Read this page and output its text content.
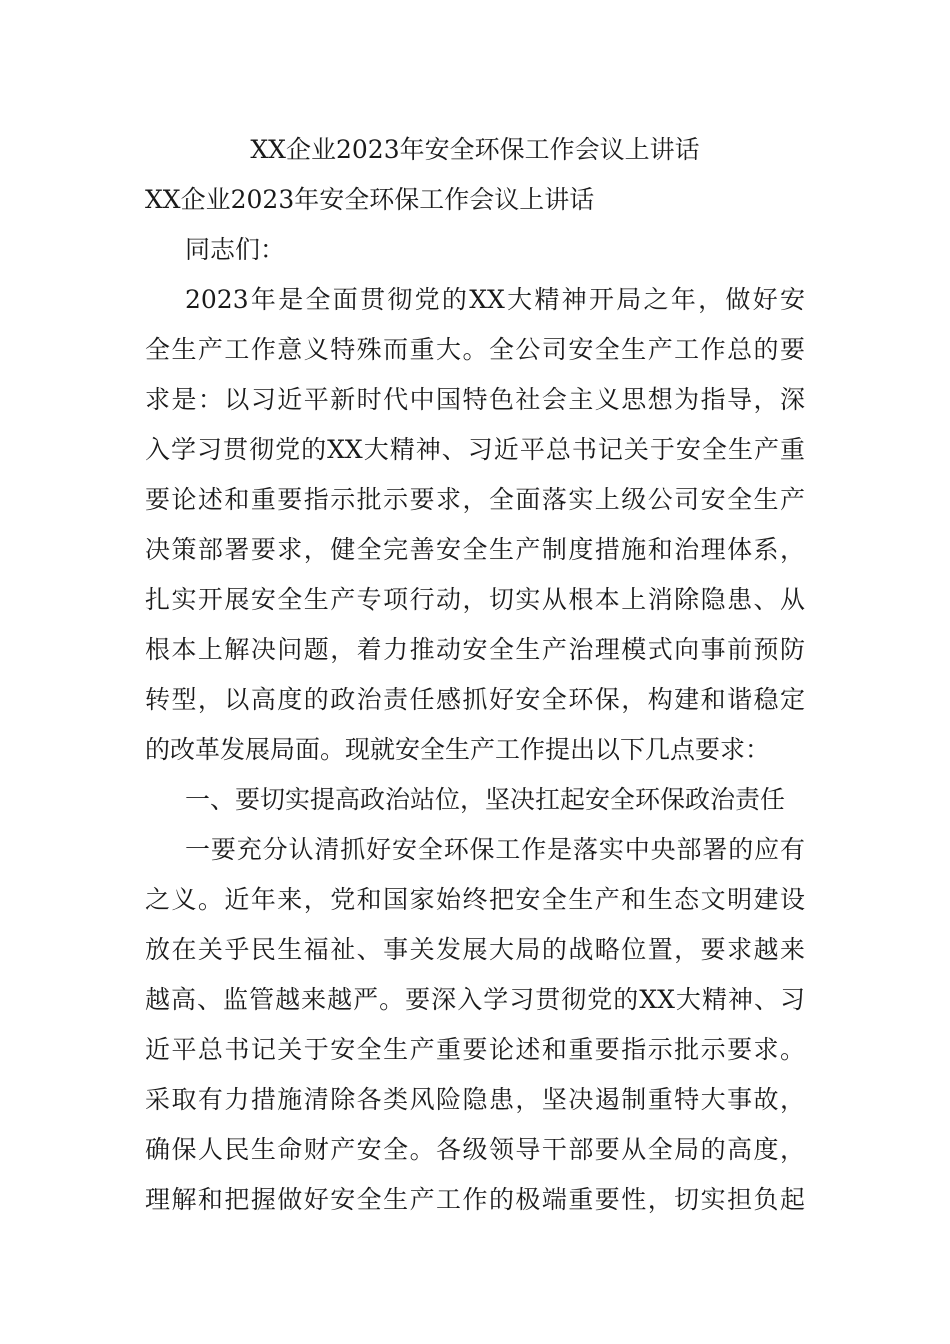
XX企业2023年安全环保工作会议上讲话
XX企业2023年安全环保工作会议上讲话
同志们：
2023年是全面贯彻党的XX大精神开局之年，做好安
全生产工作意义特殊而重大。全公司安全生产工作总的要
求是：以习近平新时代中国特色社会主义思想为指导，深
入学习贯彻党的XX大精神、习近平总书记关于安全生产重
要论述和重要指示批示要求，全面落实上级公司安全生产
决策部署要求，健全完善安全生产制度措施和治理体系，
扎实开展安全生产专项行动，切实从根本上消除隐患、从
根本上解决问题，着力推动安全生产治理模式向事前预防
转型，以高度的政治责任感抓好安全环保，构建和谐稳定
的改革发展局面。现就安全生产工作提出以下几点要求：
一、要切实提高政治站位，坚决扛起安全环保政治责任
一要充分认清抓好安全环保工作是落实中央部署的应有
之义。近年来，党和国家始终把安全生产和生态文明建设
放在关乎民生福祉、事关发展大局的战略位置，要求越来
越高、监管越来越严。要深入学习贯彻党的XX大精神、习
近平总书记关于安全生产重要论述和重要指示批示要求。
采取有力措施清除各类风险隐患，坚决遏制重特大事故，
确保人民生命财产安全。各级领导干部要从全局的高度，
理解和把握做好安全生产工作的极端重要性，切实担负起
